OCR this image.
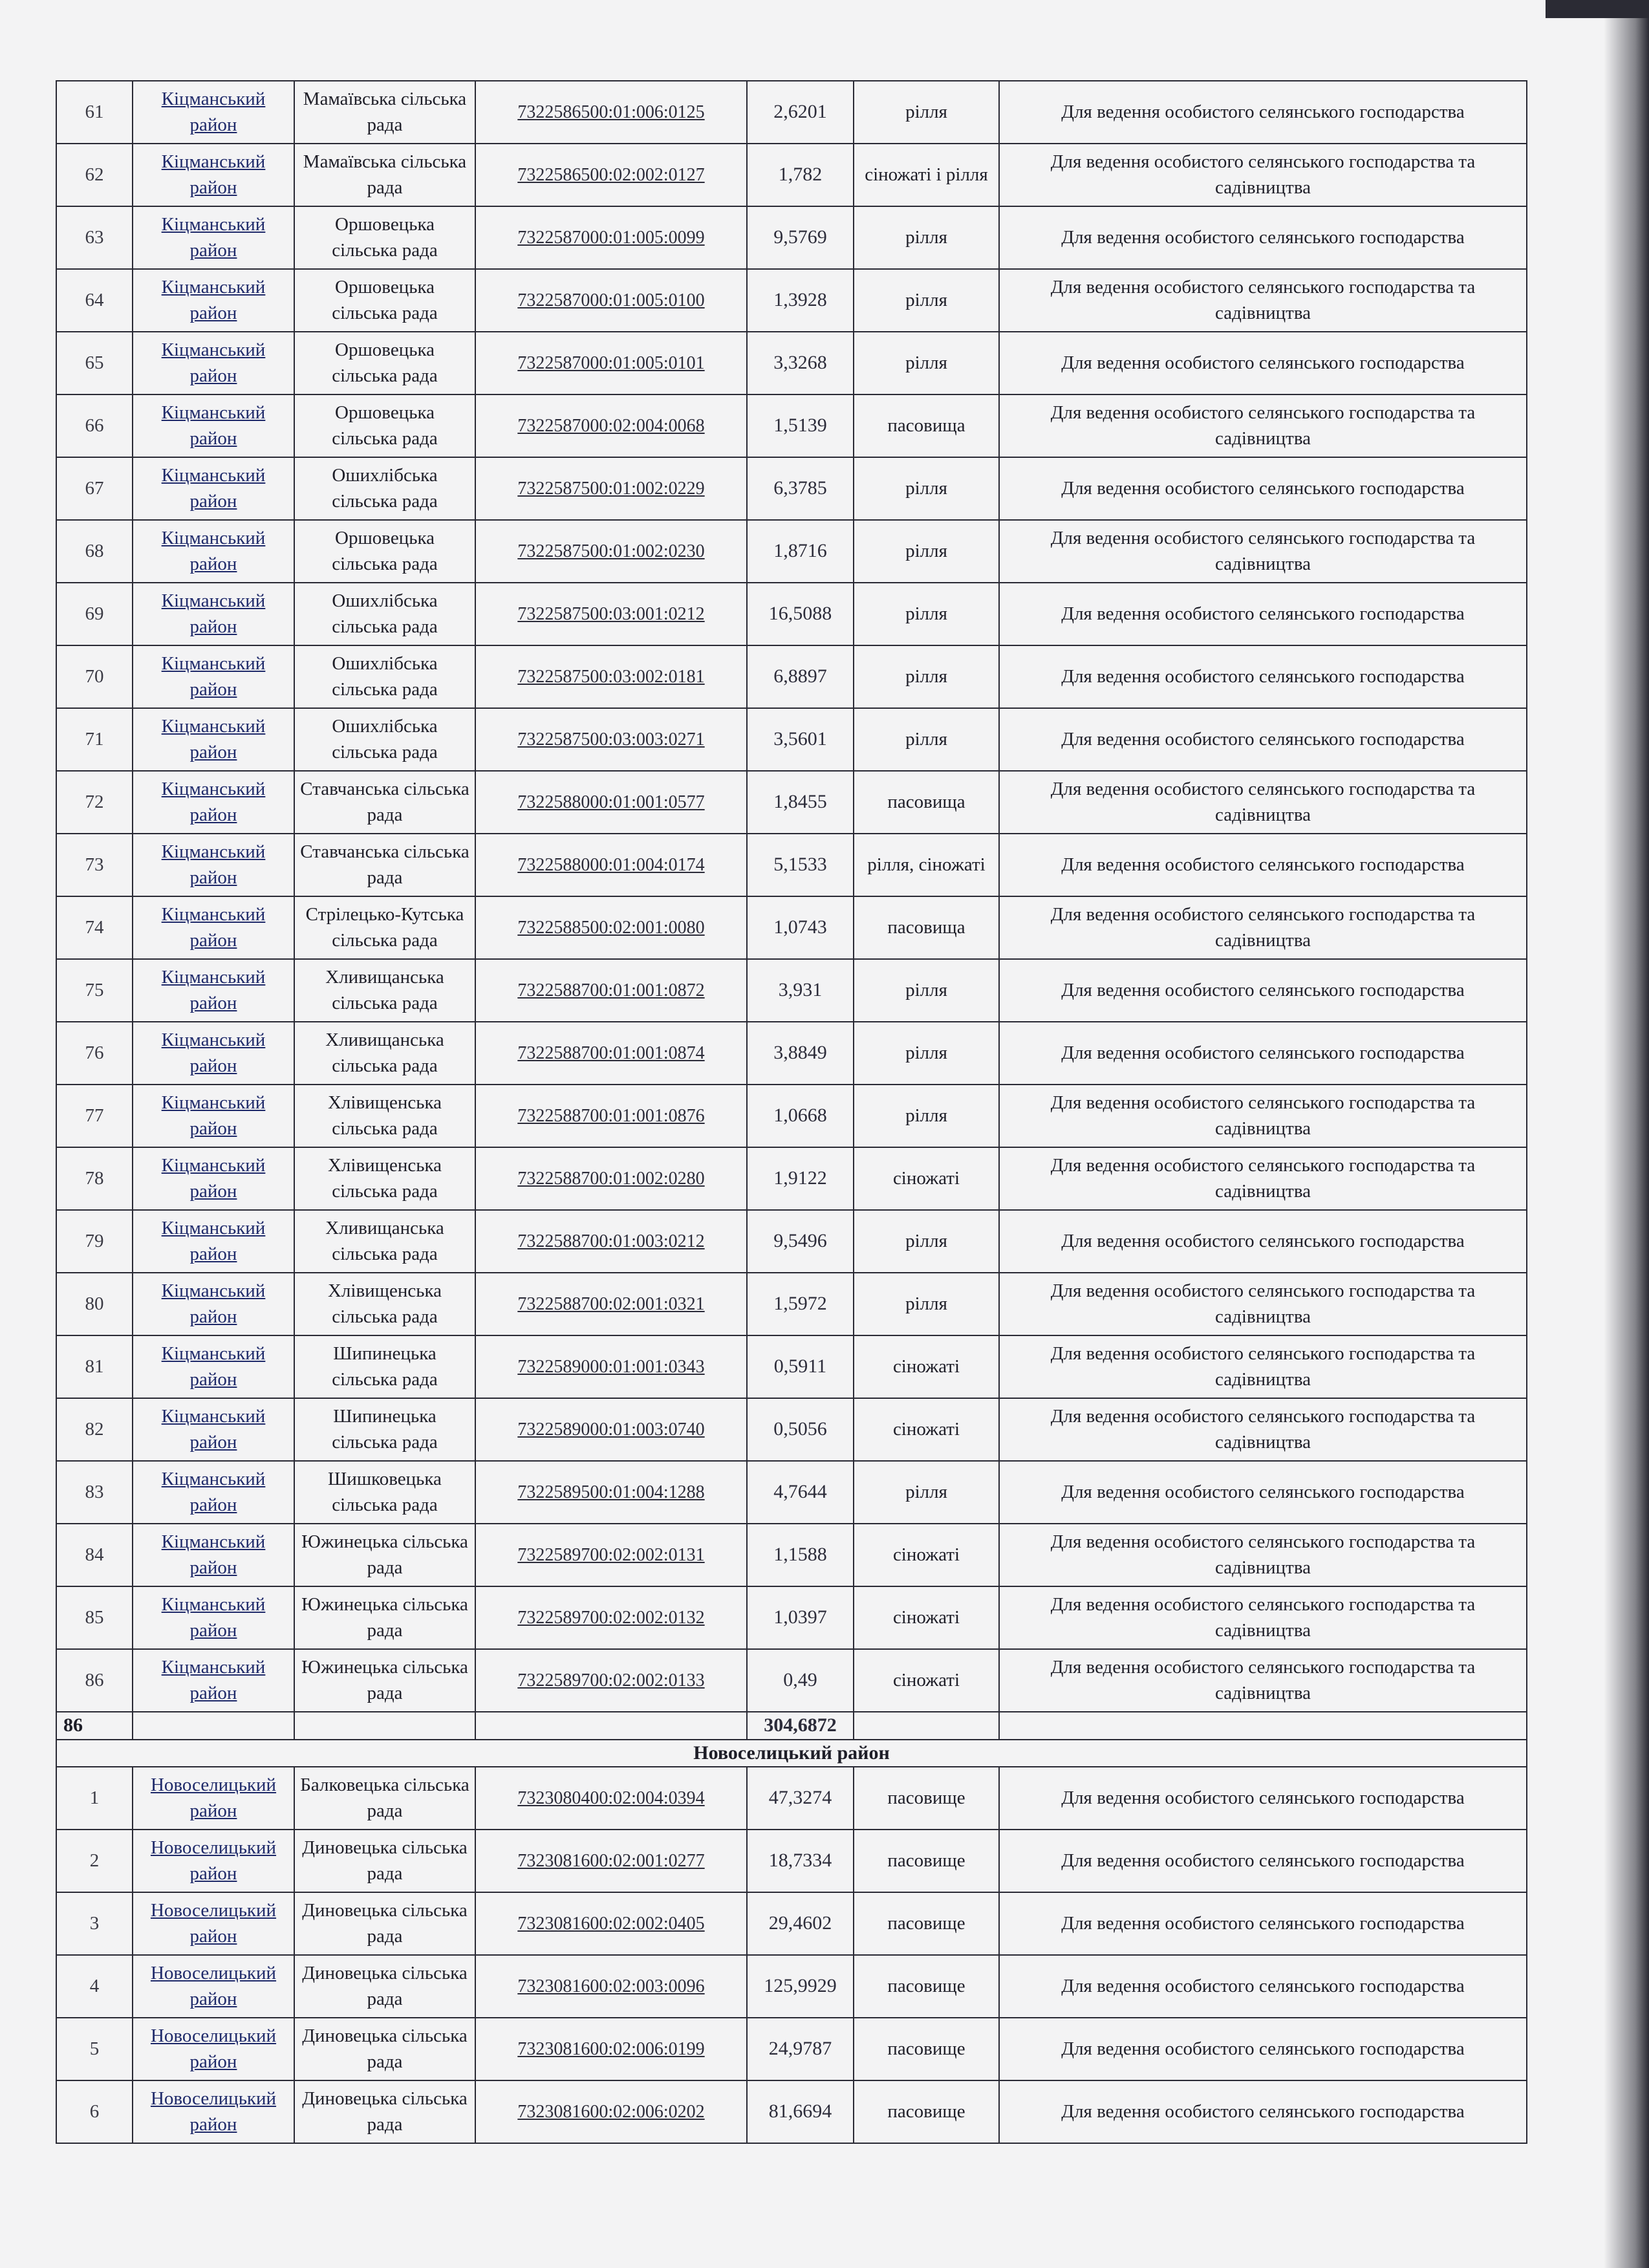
61	Кіцманський район	Мамаївська сільська рада	7322586500:01:006:0125	2,6201	рілля	Для ведення особистого селянського господарства
62	Кіцманський район	Мамаївська сільська рада	7322586500:02:002:0127	1,782	сіножаті і рілля	Для ведення особистого селянського господарства та садівництва
63	Кіцманський район	Оршовецька сільська рада	7322587000:01:005:0099	9,5769	рілля	Для ведення особистого селянського господарства
64	Кіцманський район	Оршовецька сільська рада	7322587000:01:005:0100	1,3928	рілля	Для ведення особистого селянського господарства та садівництва
65	Кіцманський район	Оршовецька сільська рада	7322587000:01:005:0101	3,3268	рілля	Для ведення особистого селянського господарства
66	Кіцманський район	Оршовецька сільська рада	7322587000:02:004:0068	1,5139	пасовища	Для ведення особистого селянського господарства та садівництва
67	Кіцманський район	Ошихлібська сільська рада	7322587500:01:002:0229	6,3785	рілля	Для ведення особистого селянського господарства
68	Кіцманський район	Оршовецька сільська рада	7322587500:01:002:0230	1,8716	рілля	Для ведення особистого селянського господарства та садівництва
69	Кіцманський район	Ошихлібська сільська рада	7322587500:03:001:0212	16,5088	рілля	Для ведення особистого селянського господарства
70	Кіцманський район	Ошихлібська сільська рада	7322587500:03:002:0181	6,8897	рілля	Для ведення особистого селянського господарства
71	Кіцманський район	Ошихлібська сільська рада	7322587500:03:003:0271	3,5601	рілля	Для ведення особистого селянського господарства
72	Кіцманський район	Ставчанська сільська рада	7322588000:01:001:0577	1,8455	пасовища	Для ведення особистого селянського господарства та садівництва
73	Кіцманський район	Ставчанська сільська рада	7322588000:01:004:0174	5,1533	рілля, сіножаті	Для ведення особистого селянського господарства
74	Кіцманський район	Стрілецько-Кутська сільська рада	7322588500:02:001:0080	1,0743	пасовища	Для ведення особистого селянського господарства та садівництва
75	Кіцманський район	Хливищанська сільська рада	7322588700:01:001:0872	3,931	рілля	Для ведення особистого селянського господарства
76	Кіцманський район	Хливищанська сільська рада	7322588700:01:001:0874	3,8849	рілля	Для ведення особистого селянського господарства
77	Кіцманський район	Хлівищенська сільська рада	7322588700:01:001:0876	1,0668	рілля	Для ведення особистого селянського господарства та садівництва
78	Кіцманський район	Хлівищенська сільська рада	7322588700:01:002:0280	1,9122	сіножаті	Для ведення особистого селянського господарства та садівництва
79	Кіцманський район	Хливищанська сільська рада	7322588700:01:003:0212	9,5496	рілля	Для ведення особистого селянського господарства
80	Кіцманський район	Хлівищенська сільська рада	7322588700:02:001:0321	1,5972	рілля	Для ведення особистого селянського господарства та садівництва
81	Кіцманський район	Шипинецька сільська рада	7322589000:01:001:0343	0,5911	сіножаті	Для ведення особистого селянського господарства та садівництва
82	Кіцманський район	Шипинецька сільська рада	7322589000:01:003:0740	0,5056	сіножаті	Для ведення особистого селянського господарства та садівництва
83	Кіцманський район	Шишковецька сільська рада	7322589500:01:004:1288	4,7644	рілля	Для ведення особистого селянського господарства
84	Кіцманський район	Южинецька сільська рада	7322589700:02:002:0131	1,1588	сіножаті	Для ведення особистого селянського господарства та садівництва
85	Кіцманський район	Южинецька сільська рада	7322589700:02:002:0132	1,0397	сіножаті	Для ведення особистого селянського господарства та садівництва
86	Кіцманський район	Южинецька сільська рада	7322589700:02:002:0133	0,49	сіножаті	Для ведення особистого селянського господарства та садівництва
86				304,6872		
Новоселицький район						
1	Новоселицький район	Балковецька сільська рада	7323080400:02:004:0394	47,3274	пасовище	Для ведення особистого селянського господарства
2	Новоселицький район	Диновецька сільська рада	7323081600:02:001:0277	18,7334	пасовище	Для ведення особистого селянського господарства
3	Новоселицький район	Диновецька сільська рада	7323081600:02:002:0405	29,4602	пасовище	Для ведення особистого селянського господарства
4	Новоселицький район	Диновецька сільська рада	7323081600:02:003:0096	125,9929	пасовище	Для ведення особистого селянського господарства
5	Новоселицький район	Диновецька сільська рада	7323081600:02:006:0199	24,9787	пасовище	Для ведення особистого селянського господарства
6	Новоселицький район	Диновецька сільська рада	7323081600:02:006:0202	81,6694	пасовище	Для ведення особистого селянського господарства
